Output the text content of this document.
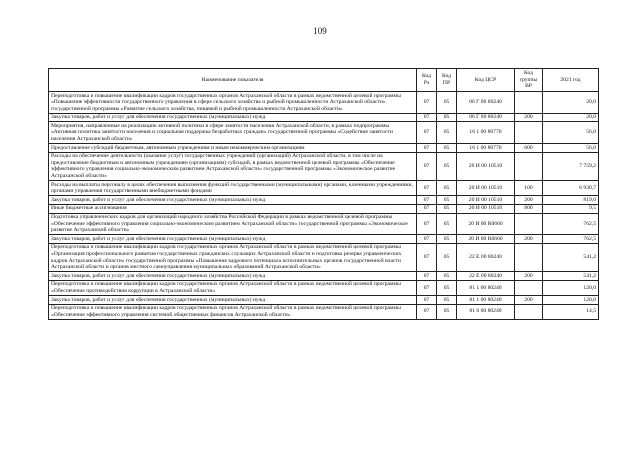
109
Наименование показателя	Код Рз	Код ПР	Код ЦСР	Код группы ВР	2021 год
Переподготовка и повышение квалификации кадров государственных органов Астраханской области в рамках ведомственной целевой программы «Повышение эффективности государственного управления в сфере сельского хозяйства и рыбной промышленности Астраханской области» государственной программы «Развитие сельского хозяйства, пищевой и рыбной промышленности Астраханской области»	07	05	06 Г 00 80240		20,0
Закупка товаров, работ и услуг для обеспечения государственных (муниципальных) нужд	07	05	06 Г 00 80240	200	20,0
Мероприятия, направленные на реализацию активной политики в сфере занятости населения Астраханской области, в рамках подпрограммы «Активная политика занятости населения и социальная поддержка безработных граждан» государственной программы «Содействие занятости населения Астраханской области»	07	05	16 1 00 80770		56,0
Предоставление субсидий бюджетным, автономным учреждениям и иным некоммерческим организациям	07	05	16 1 00 80770	600	56,0
Расходы на обеспечение деятельности (оказание услуг) государственных учреждений (организаций) Астраханской области, в том числе на предоставление бюджетным и автономным учреждениям (организациям) субсидий, в рамках ведомственной целевой программы «Обеспечение эффективного управления социально-экономическим развитием Астраханской области» государственной программы «Экономическое развитие Астраханской области»	07	05	20 И 00 10510		7 759,2
Расходы на выплаты персоналу в целях обеспечения выполнения функций государственными (муниципальными) органами, казенными учреждениями, органами управления государственными внебюджетными фондами	07	05	20 И 00 10510	100	6 930,7
Закупка товаров, работ и услуг для обеспечения государственных (муниципальных) нужд	07	05	20 И 00 10510	200	819,0
Иные бюджетные ассигнования	07	05	20 И 00 10510	800	9,5
Подготовка управленческих кадров для организаций народного хозяйства Российской Федерации в рамках ведомственной целевой программы «Обеспечение эффективного управления социально-экономическим развитием Астраханской области» государственной программы «Экономическое развитие Астраханской области»	07	05	20 И 00 R0660		762,5
Закупка товаров, работ и услуг для обеспечения государственных (муниципальных) нужд	07	05	20 И 00 R0660	200	762,5
Переподготовка и повышение квалификации кадров государственных органов Астраханской области в рамках ведомственной целевой программы «Организация профессионального развития государственных гражданских служащих Астраханской области и подготовка резерва управленческих кадров Астраханской области» государственной программы «Повышение кадрового потенциала исполнительных органов государственной власти Астраханской области и органов местного самоуправления муниципальных образований Астраханской области»	07	05	22 Е 00 80240		541,2
Закупка товаров, работ и услуг для обеспечения государственных (муниципальных) нужд	07	05	22 Е 00 80240	200	541,2
Переподготовка и повышение квалификации кадров государственных органов Астраханской области в рамках ведомственной целевой программы «Обеспечение противодействия коррупции в Астраханской области»	07	05	81 1 00 80240		120,0
Закупка товаров, работ и услуг для обеспечения государственных (муниципальных) нужд	07	05	81 1 00 80240	200	120,0
Переподготовка и повышение квалификации кадров государственных органов Астраханской области в рамках ведомственной целевой программы «Обеспечение эффективного управления системой общественных финансов Астраханской области»	07	05	81 6 00 80240		14,5
